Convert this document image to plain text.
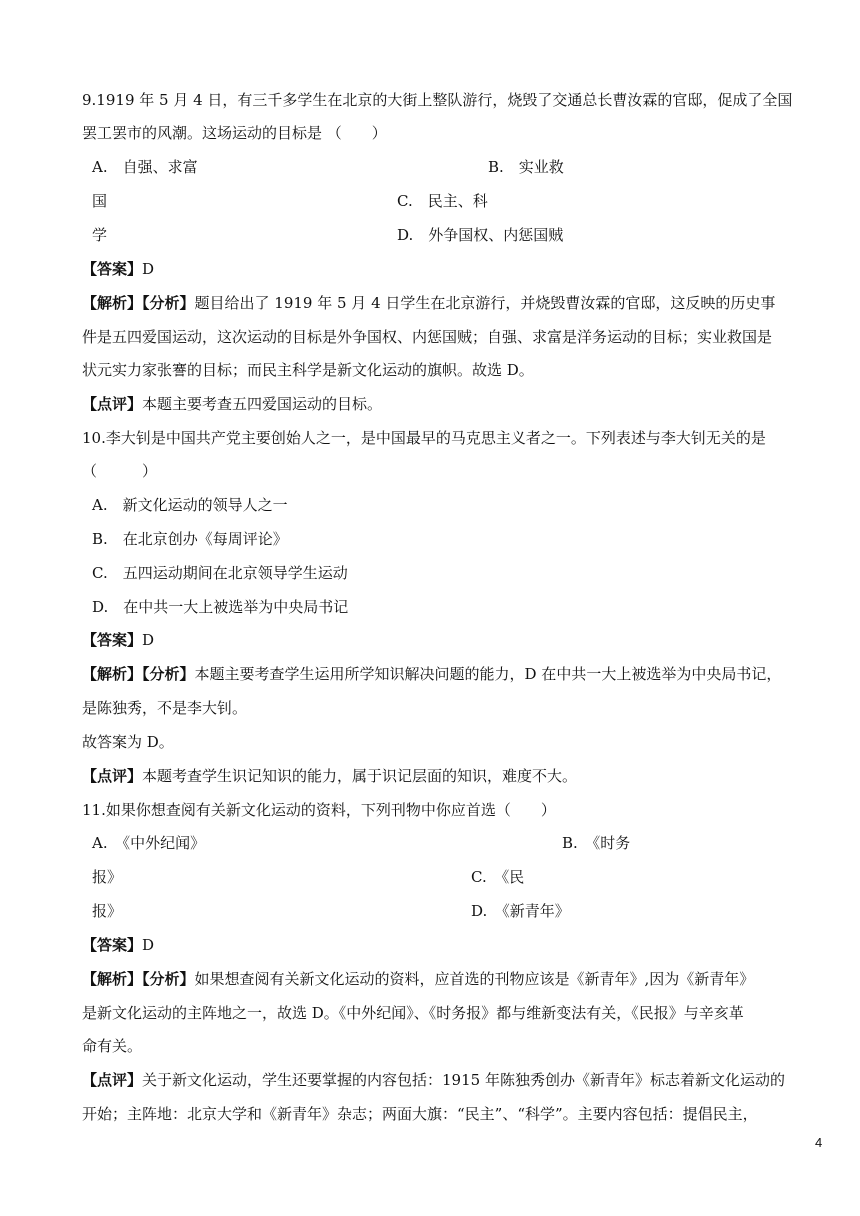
9.1919 年 5 月 4 日，有三千多学生在北京的大街上整队游行，烧毁了交通总长曹汝霖的官邸，促成了全国
罢工罢市的风潮。这场运动的目标是 （　　）
A.　自强、求富	B.　实业救
国	C.　民主、科
学	D.　外争国权、内惩国贼
【答案】D
【解析】【分析】题目给出了 1919 年 5 月 4 日学生在北京游行，并烧毁曹汝霖的官邸，这反映的历史事
件是五四爱国运动，这次运动的目标是外争国权、内惩国贼；自强、求富是洋务运动的目标；实业救国是
状元实力家张謇的目标；而民主科学是新文化运动的旗帜。故选 D。
【点评】本题主要考查五四爱国运动的目标。
10.李大钊是中国共产党主要创始人之一，是中国最早的马克思主义者之一。下列表述与李大钊无关的是
（　　　）
A.　新文化运动的领导人之一
B.　在北京创办《每周评论》
C.　五四运动期间在北京领导学生运动
D.　在中共一大上被选举为中央局书记
【答案】D
【解析】【分析】本题主要考查学生运用所学知识解决问题的能力，D 在中共一大上被选举为中央局书记，
是陈独秀，不是李大钊。
故答案为 D。
【点评】本题考查学生识记知识的能力，属于识记层面的知识，难度不大。
11.如果你想查阅有关新文化运动的资料，下列刊物中你应首选（　　）
A.　《中外纪闻》	B.　《时务
报》	C.　《民
报》	D.　《新青年》
【答案】D
【解析】【分析】如果想查阅有关新文化运动的资料，应首选的刊物应该是《新青年》,因为《新青年》
是新文化运动的主阵地之一，故选 D。《中外纪闻》、《时务报》都与维新变法有关，《民报》与辛亥革
命有关。
【点评】关于新文化运动，学生还要掌握的内容包括：1915 年陈独秀创办《新青年》标志着新文化运动的
开始；主阵地：北京大学和《新青年》杂志；两面大旗：“民主”、“科学”。主要内容包括：提倡民主，
4
